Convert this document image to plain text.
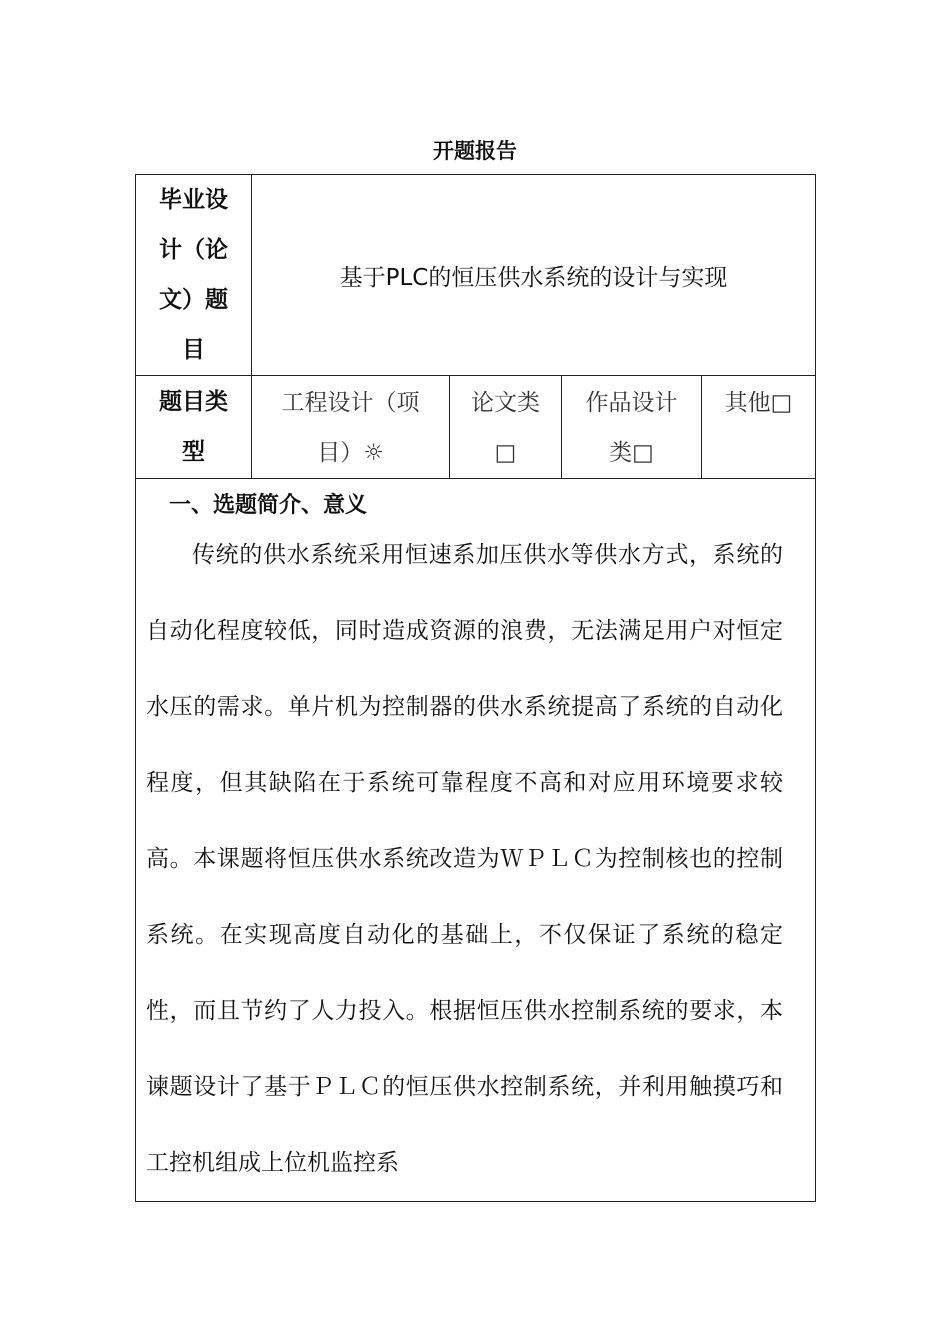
开题报告
毕业设计（论文）题目	基于PLC的恒压供水系统的设计与实现			

题目类型	工程设计（项目）☼	论文类□	作品设计类□	其他□

一、选题简介、意义
传统的供水系统采用恒速系加压供水等供水方式，系统的自动化程度较低，同时造成资源的浪费，无法满足用户对恒定水压的需求。单片机为控制器的供水系统提高了系统的自动化程度，但其缺陷在于系统可靠程度不高和对应用环境要求较高。本课题将恒压供水系统改造为ＷＰＬＣ为控制核也的控制系统。在实现高度自动化的基础上，不仅保证了系统的稳定性，而且节约了人力投入。根据恒压供水控制系统的要求，本谏题设计了基于ＰＬＣ的恒压供水控制系统，并利用触摸巧和工控机组成上位机监控系				
